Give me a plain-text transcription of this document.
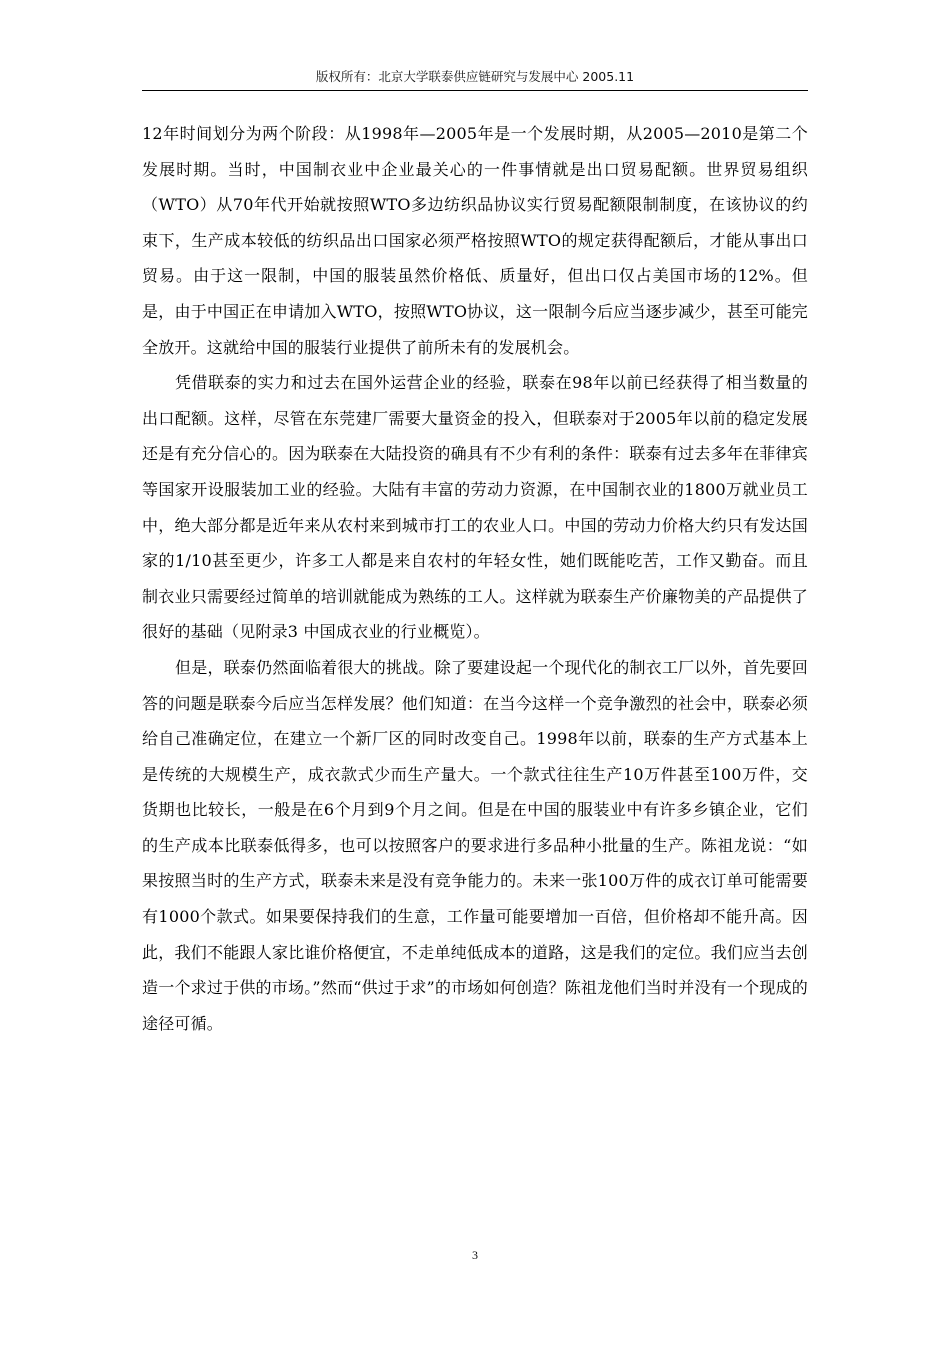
版权所有：北京大学联泰供应链研究与发展中心 2005.11

12年时间划分为两个阶段：从1998年—2005年是一个发展时期，从2005—2010是第二个发展时期。当时，中国制衣业中企业最关心的一件事情就是出口贸易配额。世界贸易组织（WTO）从70年代开始就按照WTO多边纺织品协议实行贸易配额限制制度，在该协议的约束下，生产成本较低的纺织品出口国家必须严格按照WTO的规定获得配额后，才能从事出口贸易。由于这一限制，中国的服装虽然价格低、质量好，但出口仅占美国市场的12%。但是，由于中国正在申请加入WTO，按照WTO协议，这一限制今后应当逐步减少，甚至可能完全放开。这就给中国的服装行业提供了前所未有的发展机会。

凭借联泰的实力和过去在国外运营企业的经验，联泰在98年以前已经获得了相当数量的出口配额。这样，尽管在东莞建厂需要大量资金的投入，但联泰对于2005年以前的稳定发展还是有充分信心的。因为联泰在大陆投资的确具有不少有利的条件：联泰有过去多年在菲律宾等国家开设服装加工业的经验。大陆有丰富的劳动力资源，在中国制衣业的1800万就业员工中，绝大部分都是近年来从农村来到城市打工的农业人口。中国的劳动力价格大约只有发达国家的1/10甚至更少，许多工人都是来自农村的年轻女性，她们既能吃苦，工作又勤奋。而且制衣业只需要经过简单的培训就能成为熟练的工人。这样就为联泰生产价廉物美的产品提供了很好的基础（见附录3 中国成衣业的行业概览）。

但是，联泰仍然面临着很大的挑战。除了要建设起一个现代化的制衣工厂以外，首先要回答的问题是联泰今后应当怎样发展？他们知道：在当今这样一个竞争激烈的社会中，联泰必须给自己准确定位，在建立一个新厂区的同时改变自己。1998年以前，联泰的生产方式基本上是传统的大规模生产，成衣款式少而生产量大。一个款式往往生产10万件甚至100万件，交货期也比较长，一般是在6个月到9个月之间。但是在中国的服装业中有许多乡镇企业，它们的生产成本比联泰低得多，也可以按照客户的要求进行多品种小批量的生产。陈祖龙说：“如果按照当时的生产方式，联泰未来是没有竞争能力的。未来一张100万件的成衣订单可能需要有1000个款式。如果要保持我们的生意，工作量可能要增加一百倍，但价格却不能升高。因此，我们不能跟人家比谁价格便宜，不走单纯低成本的道路，这是我们的定位。我们应当去创造一个求过于供的市场。”然而“供过于求”的市场如何创造？陈祖龙他们当时并没有一个现成的途径可循。

3
